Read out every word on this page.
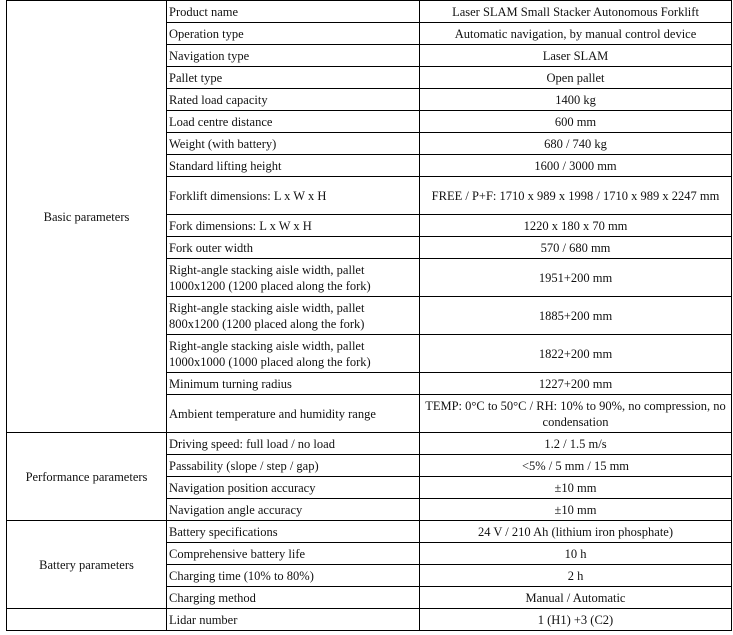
Basic parameters	Product name	Laser SLAM Small Stacker Autonomous Forklift
	Operation type	Automatic navigation, by manual control device
	Navigation type	Laser SLAM
	Pallet type	Open pallet
	Rated load capacity	1400 kg
	Load centre distance	600 mm
	Weight (with battery)	680 / 740 kg
	Standard lifting height	1600 / 3000 mm
	Forklift dimensions: L x W x H	FREE / P+F: 1710 x 989 x 1998 / 1710 x 989 x 2247 mm
	Fork dimensions: L x W x H	1220 x 180 x 70 mm
	Fork outer width	570 / 680 mm
	Right-angle stacking aisle width, pallet 1000x1200 (1200 placed along the fork)	1951+200 mm
	Right-angle stacking aisle width, pallet 800x1200 (1200 placed along the fork)	1885+200 mm
	Right-angle stacking aisle width, pallet 1000x1000 (1000 placed along the fork)	1822+200 mm
	Minimum turning radius	1227+200 mm
	Ambient temperature and humidity range	TEMP: 0°C to 50°C / RH: 10% to 90%, no compression, no condensation
Performance parameters	Driving speed: full load / no load	1.2 / 1.5 m/s
	Passability (slope / step / gap)	<5% / 5 mm / 15 mm
	Navigation position accuracy	±10 mm
	Navigation angle accuracy	±10 mm
Battery parameters	Battery specifications	24 V / 210 Ah (lithium iron phosphate)
	Comprehensive battery life	10 h
	Charging time (10% to 80%)	2 h
	Charging method	Manual / Automatic
	Lidar number	1 (H1) +3 (C2)
